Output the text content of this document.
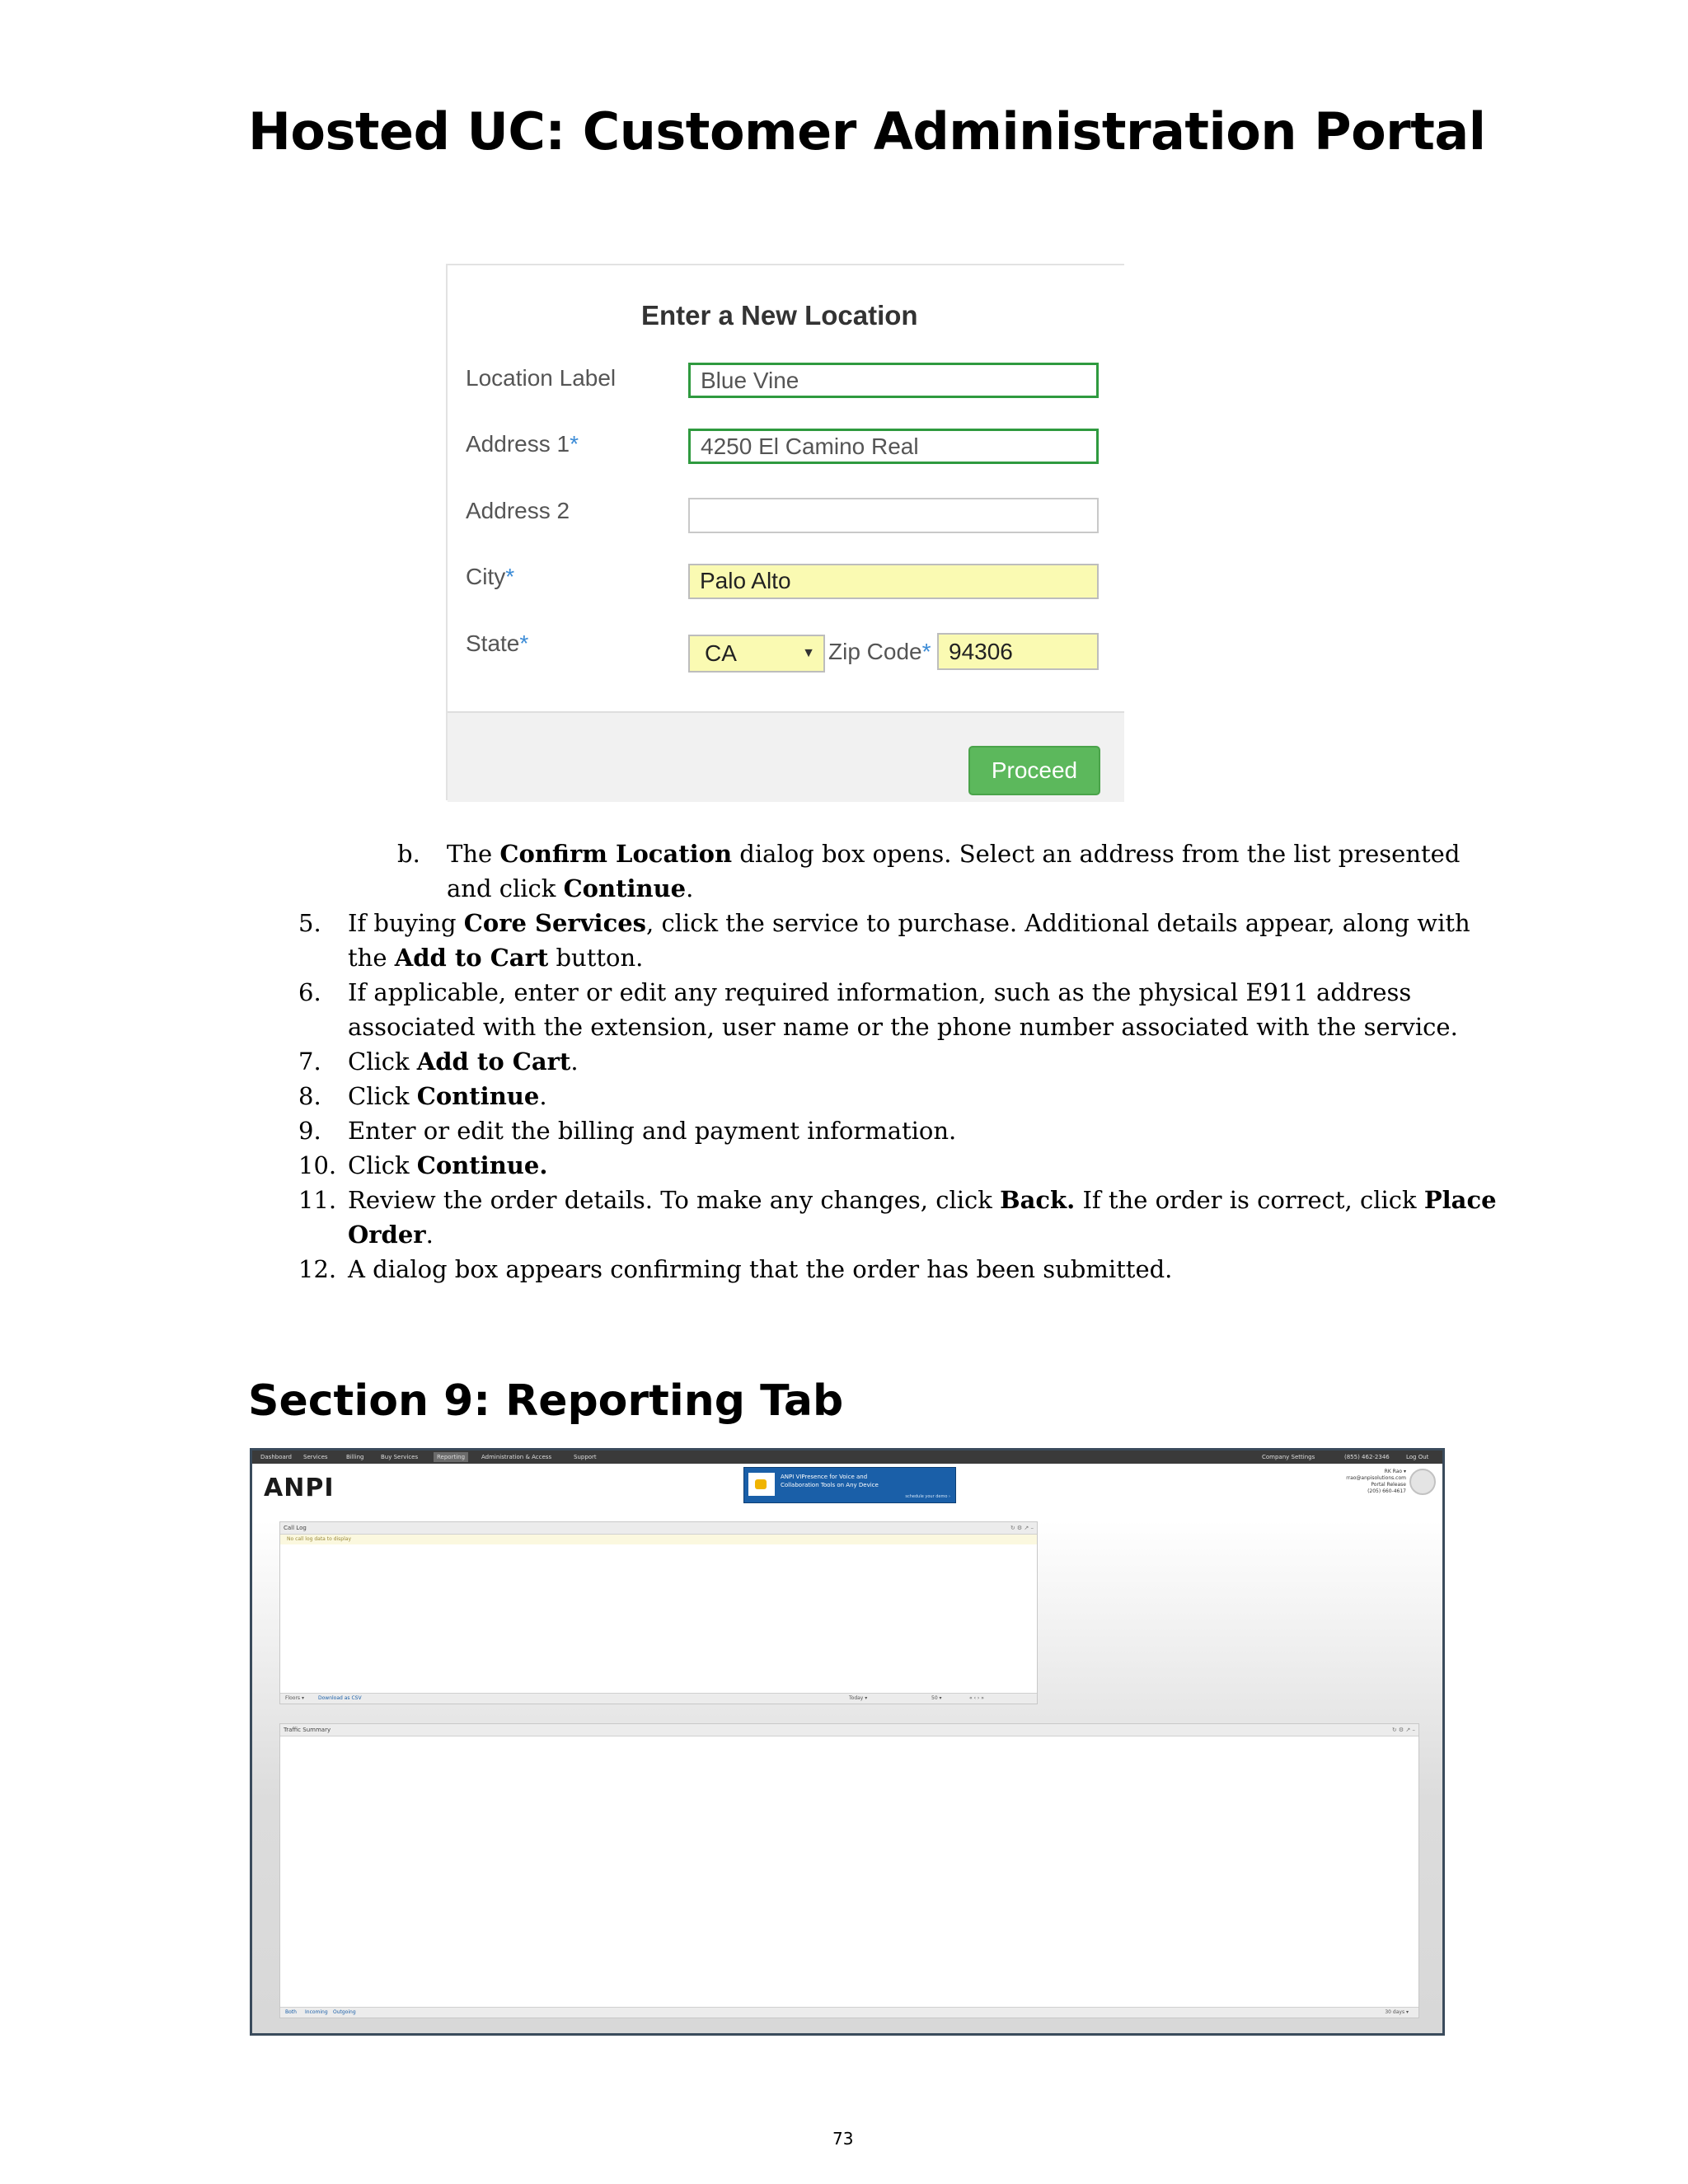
Hosted UC: Customer Administration Portal
Enter a New Location
Location Label	Blue Vine
Address 1*	4250 El Camino Real
Address 2
City*	Palo Alto
State*	CA	▼ Zip Code* 94306
Proceed
b. The Confirm Location dialog box opens. Select an address from the list presented
and click Continue.
5. If buying Core Services, click the service to purchase. Additional details appear, along with
the Add to Cart button.
6. If applicable, enter or edit any required information, such as the physical E911 address
associated with the extension, user name or the phone number associated with the service.
7. Click Add to Cart.
8. Click Continue.
9. Enter or edit the billing and payment information.
10. Click Continue.
11. Review the order details. To make any changes, click Back. If the order is correct, click Place
Order.
12. A dialog box appears confirming that the order has been submitted.
Section 9: Reporting Tab
Dashboard Services	Billing	Buy Services	Reporting	Administration & Access	Support	Company Settings	(855) 462-2346	Log Out
ANPI	ANPI VIPresence for Voice and
Collaboration Tools on Any Device
schedule your demo ›
RK Rao ▾
rrao@anpisolutions.com
Portal Release
(205) 660-4617
Call Log	↻ ⚙ ↗ –
No call log data to display
Floors ▾	Download as CSV	Today ▾	50 ▾	« ‹ › »
Traffic Summary	↻ ⚙ ↗ –
Both Incoming Outgoing	30 days ▾
73
